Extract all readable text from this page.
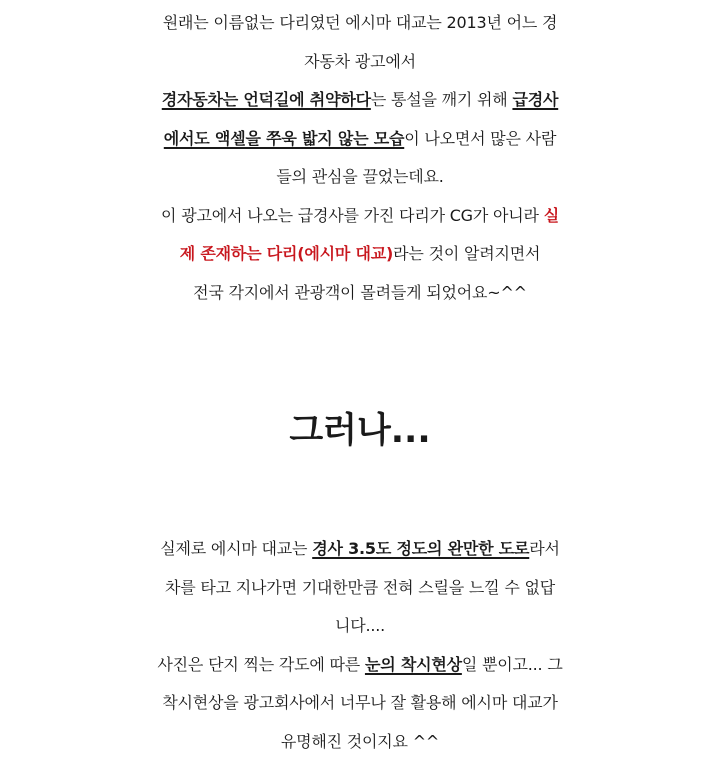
원래는 이름없는 다리였던 에시마 대교는 2013년 어느 경
자동차 광고에서
경자동차는 언덕길에 취약하다는 통설을 깨기 위해 급경사
에서도 액셀을 쭈욱 밟지 않는 모습이 나오면서 많은 사람
들의 관심을 끌었는데요.
이 광고에서 나오는 급경사를 가진 다리가 CG가 아니라 실
제 존재하는 다리(에시마 대교)라는 것이 알려지면서
전국 각지에서 관광객이 몰려들게 되었어요~^^
그러나...
실제로 에시마 대교는 경사 3.5도 정도의 완만한 도로라서
차를 타고 지나가면 기대한만큼 전혀 스릴을 느낄 수 없답
니다....
사진은 단지 찍는 각도에 따른 눈의 착시현상일 뿐이고... 그
착시현상을 광고회사에서 너무나 잘 활용해 에시마 대교가
유명해진 것이지요 ^^
